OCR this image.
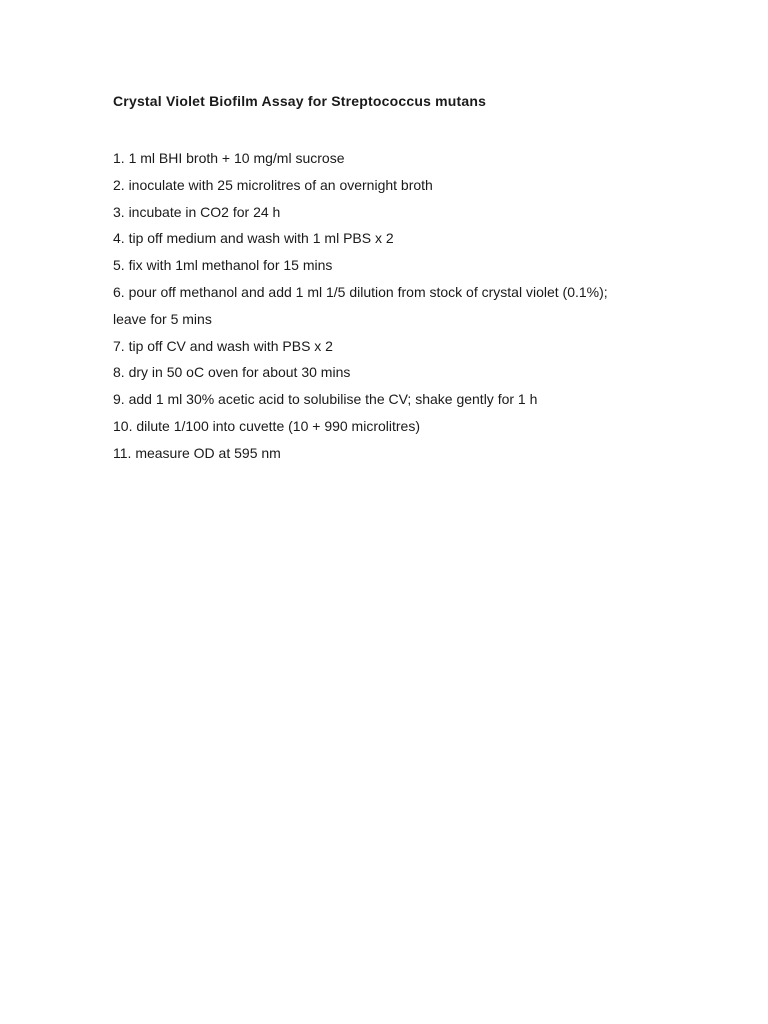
Crystal Violet Biofilm Assay for Streptococcus mutans
1. 1 ml BHI broth + 10 mg/ml sucrose
2. inoculate with 25 microlitres of an overnight broth
3. incubate in CO2 for 24 h
4. tip off medium and wash with 1 ml PBS x 2
5. fix with 1ml methanol for 15 mins
6. pour off methanol and add 1 ml 1/5 dilution from stock of crystal violet (0.1%);
leave for 5 mins
7. tip off CV and wash with PBS x 2
8. dry in 50 oC oven for about 30 mins
9. add 1 ml 30% acetic acid to solubilise the CV; shake gently for 1 h
10. dilute 1/100 into cuvette (10 + 990 microlitres)
11. measure OD at 595 nm
